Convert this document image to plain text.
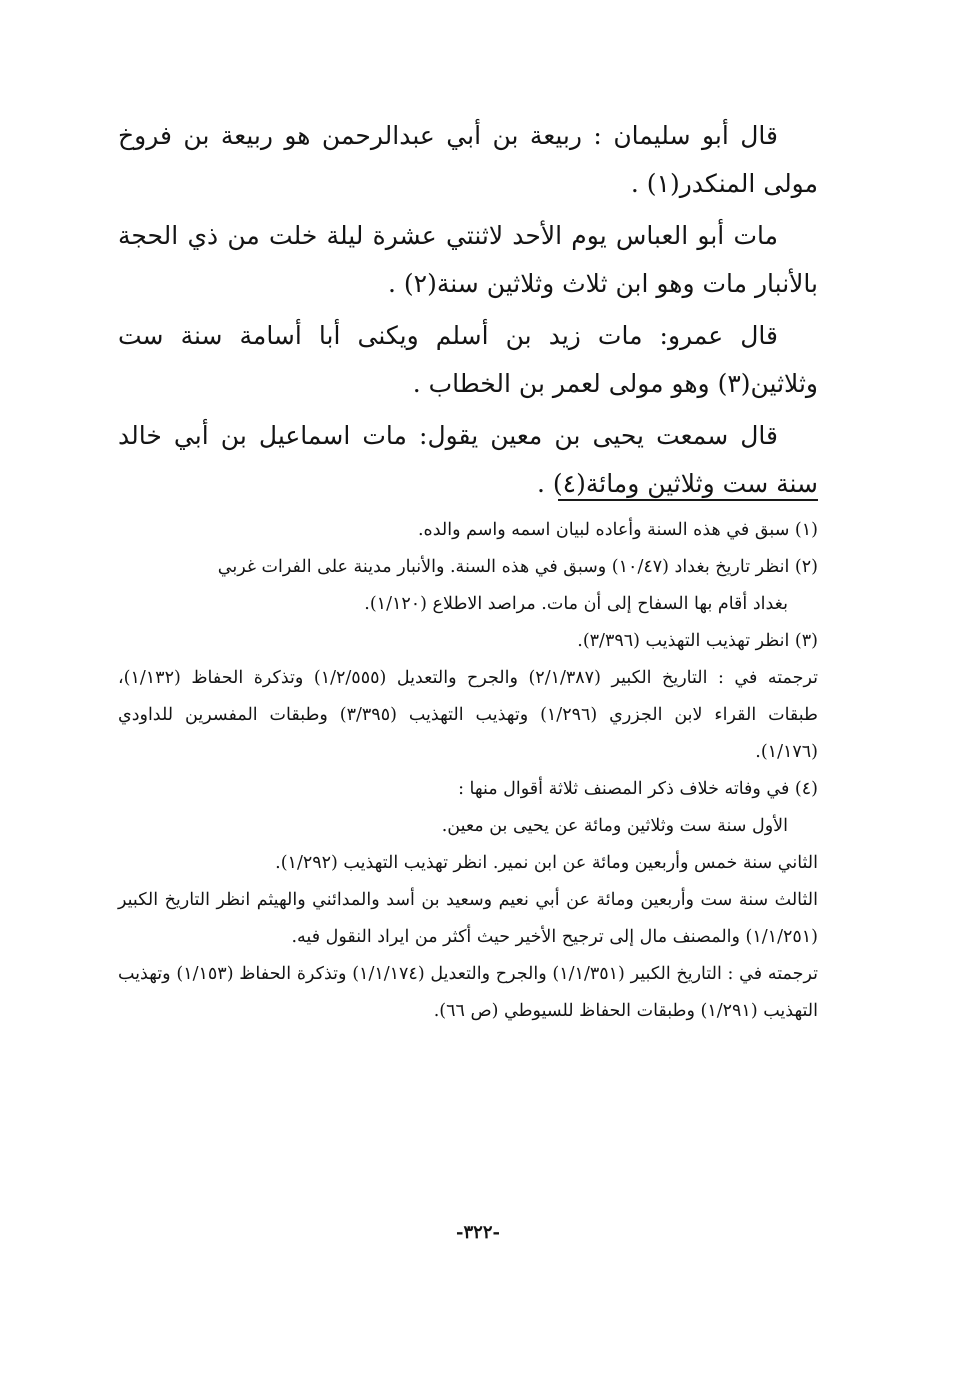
قال أبو سليمان : ربيعة بن أبي عبدالرحمن هو ربيعة بن فروخ مولى المنكدر(١) .

مات أبو العباس يوم الأحد لاثنتي عشرة ليلة خلت من ذي الحجة بالأنبار مات وهو ابن ثلاث وثلاثين سنة(٢) .

قال عمرو: مات زيد بن أسلم ويكنى أبا أسامة سنة ست وثلاثين(٣) وهو مولى لعمر بن الخطاب .

قال سمعت يحيى بن معين يقول: مات اسماعيل بن أبي خالد سنة ست وثلاثين ومائة(٤) .

(١) سبق في هذه السنة وأعاده لبيان اسمه واسم والده.

(٢) انظر تاريخ بغداد (١٠/٤٧) وسبق في هذه السنة. والأنبار مدينة على الفرات غربي

بغداد أقام بها السفاح إلى أن مات. مراصد الاطلاع (١/١٢٠).

(٣) انظر تهذيب التهذيب (٣/٣٩٦).

ترجمته في : التاريخ الكبير (٢/١/٣٨٧) والجرح والتعديل (١/٢/٥٥٥) وتذكرة الحفاظ (١/١٣٢)، طبقات القراء لابن الجزري (١/٢٩٦) وتهذيب التهذيب (٣/٣٩٥) وطبقات المفسرين للداودي (١/١٧٦).

(٤) في وفاته خلاف ذكر المصنف ثلاثة أقوال منها :

الأول سنة ست وثلاثين ومائة عن يحيى بن معين.

الثاني سنة خمس وأربعين ومائة عن ابن نمير. انظر تهذيب التهذيب (١/٢٩٢).

الثالث سنة ست وأربعين ومائة عن أبي نعيم وسعيد بن أسد والمدائني والهيثم انظر التاريخ الكبير (١/١/٢٥١) والمصنف مال إلى ترجيح الأخير حيث أكثر من ايراد النقول فيه.

ترجمته في : التاريخ الكبير (١/١/٣٥١) والجرح والتعديل (١/١/١٧٤) وتذكرة الحفاظ (١/١٥٣) وتهذيب التهذيب (١/٢٩١) وطبقات الحفاظ للسيوطي (ص ٦٦).

-٣٢٢-
